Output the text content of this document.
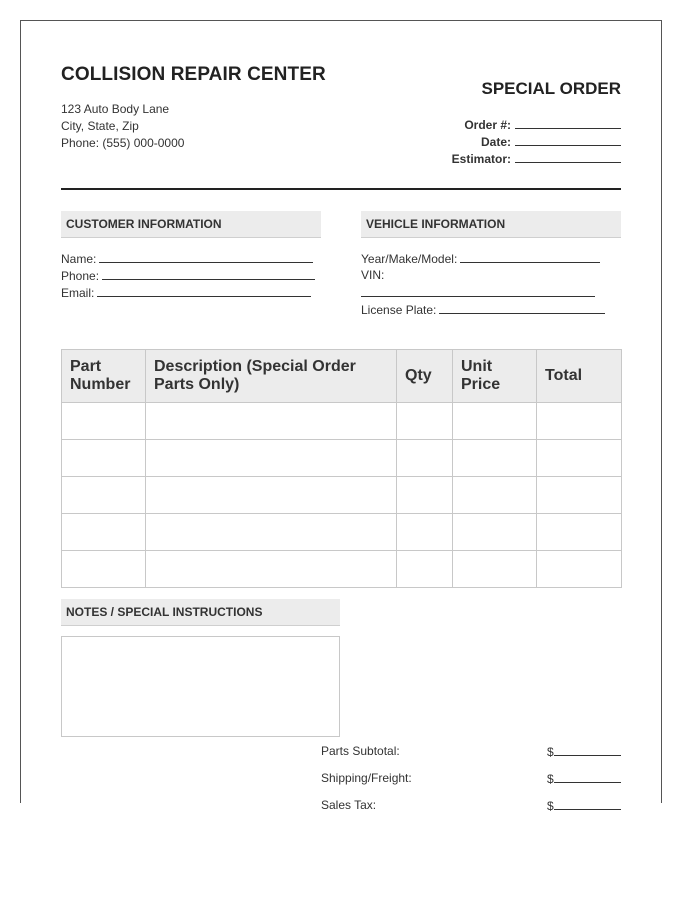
COLLISION REPAIR CENTER
123 Auto Body Lane
City, State, Zip
Phone: (555) 000-0000
SPECIAL ORDER
Order #:
Date:
Estimator:
CUSTOMER INFORMATION
Name:
Phone:
Email:
VEHICLE INFORMATION
Year/Make/Model:
VIN:
License Plate:
Part Number	Description (Special Order Parts Only)	Qty	Unit Price	Total

NOTES / SPECIAL INSTRUCTIONS
Parts Subtotal:	$
Shipping/Freight:	$
Sales Tax:	$
